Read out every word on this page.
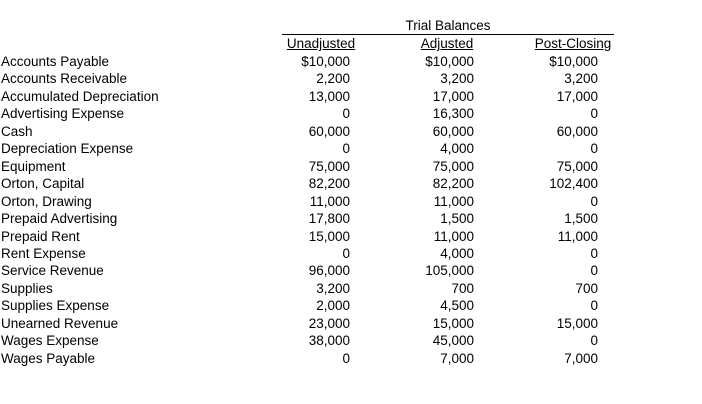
Trial Balances
Unadjusted	Adjusted	Post-Closing
Accounts Payable	$10,000	$10,000	$10,000
Accounts Receivable	2,200	3,200	3,200
Accumulated Depreciation	13,000	17,000	17,000
Advertising Expense	0	16,300	0
Cash	60,000	60,000	60,000
Depreciation Expense	0	4,000	0
Equipment	75,000	75,000	75,000
Orton, Capital	82,200	82,200	102,400
Orton, Drawing	11,000	11,000	0
Prepaid Advertising	17,800	1,500	1,500
Prepaid Rent	15,000	11,000	11,000
Rent Expense	0	4,000	0
Service Revenue	96,000	105,000	0
Supplies	3,200	700	700
Supplies Expense	2,000	4,500	0
Unearned Revenue	23,000	15,000	15,000
Wages Expense	38,000	45,000	0
Wages Payable	0	7,000	7,000
